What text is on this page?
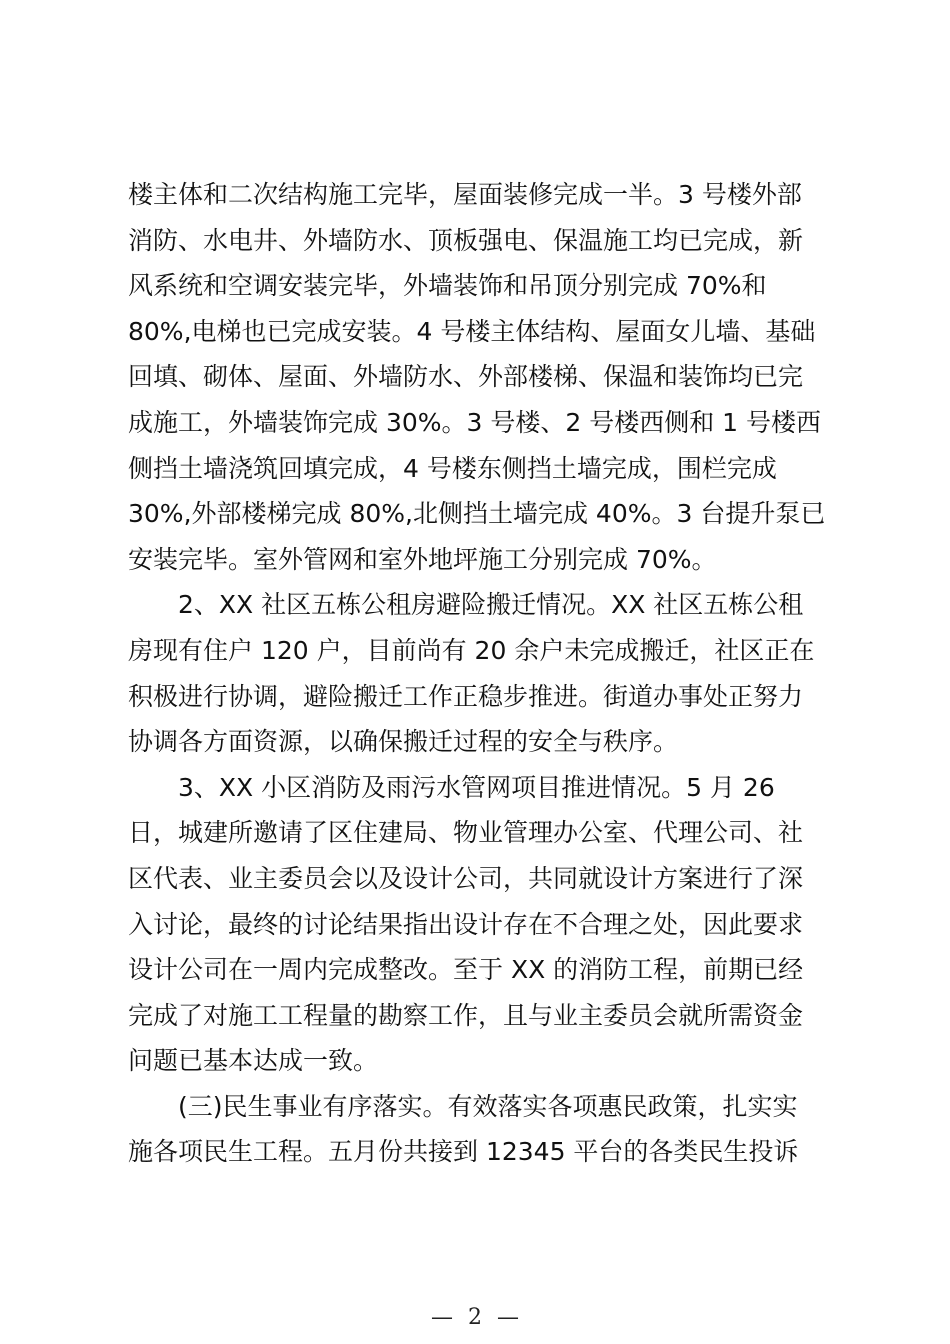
楼主体和二次结构施工完毕，屋面装修完成一半。3 号楼外部
消防、水电井、外墙防水、顶板强电、保温施工均已完成，新
风系统和空调安装完毕，外墙装饰和吊顶分别完成 70%和
80%,电梯也已完成安装。4 号楼主体结构、屋面女儿墙、基础
回填、砌体、屋面、外墙防水、外部楼梯、保温和装饰均已完
成施工，外墙装饰完成 30%。3 号楼、2 号楼西侧和 1 号楼西
侧挡土墙浇筑回填完成，4 号楼东侧挡土墙完成，围栏完成
30%,外部楼梯完成 80%,北侧挡土墙完成 40%。3 台提升泵已
安装完毕。室外管网和室外地坪施工分别完成 70%。
　　2、XX 社区五栋公租房避险搬迁情况。XX 社区五栋公租
房现有住户 120 户，目前尚有 20 余户未完成搬迁，社区正在
积极进行协调，避险搬迁工作正稳步推进。街道办事处正努力
协调各方面资源，以确保搬迁过程的安全与秩序。
　　3、XX 小区消防及雨污水管网项目推进情况。5 月 26
日，城建所邀请了区住建局、物业管理办公室、代理公司、社
区代表、业主委员会以及设计公司，共同就设计方案进行了深
入讨论，最终的讨论结果指出设计存在不合理之处，因此要求
设计公司在一周内完成整改。至于 XX 的消防工程，前期已经
完成了对施工工程量的勘察工作，且与业主委员会就所需资金
问题已基本达成一致。
　　(三)民生事业有序落实。有效落实各项惠民政策，扎实实
施各项民生工程。五月份共接到 12345 平台的各类民生投诉
— 2 —
